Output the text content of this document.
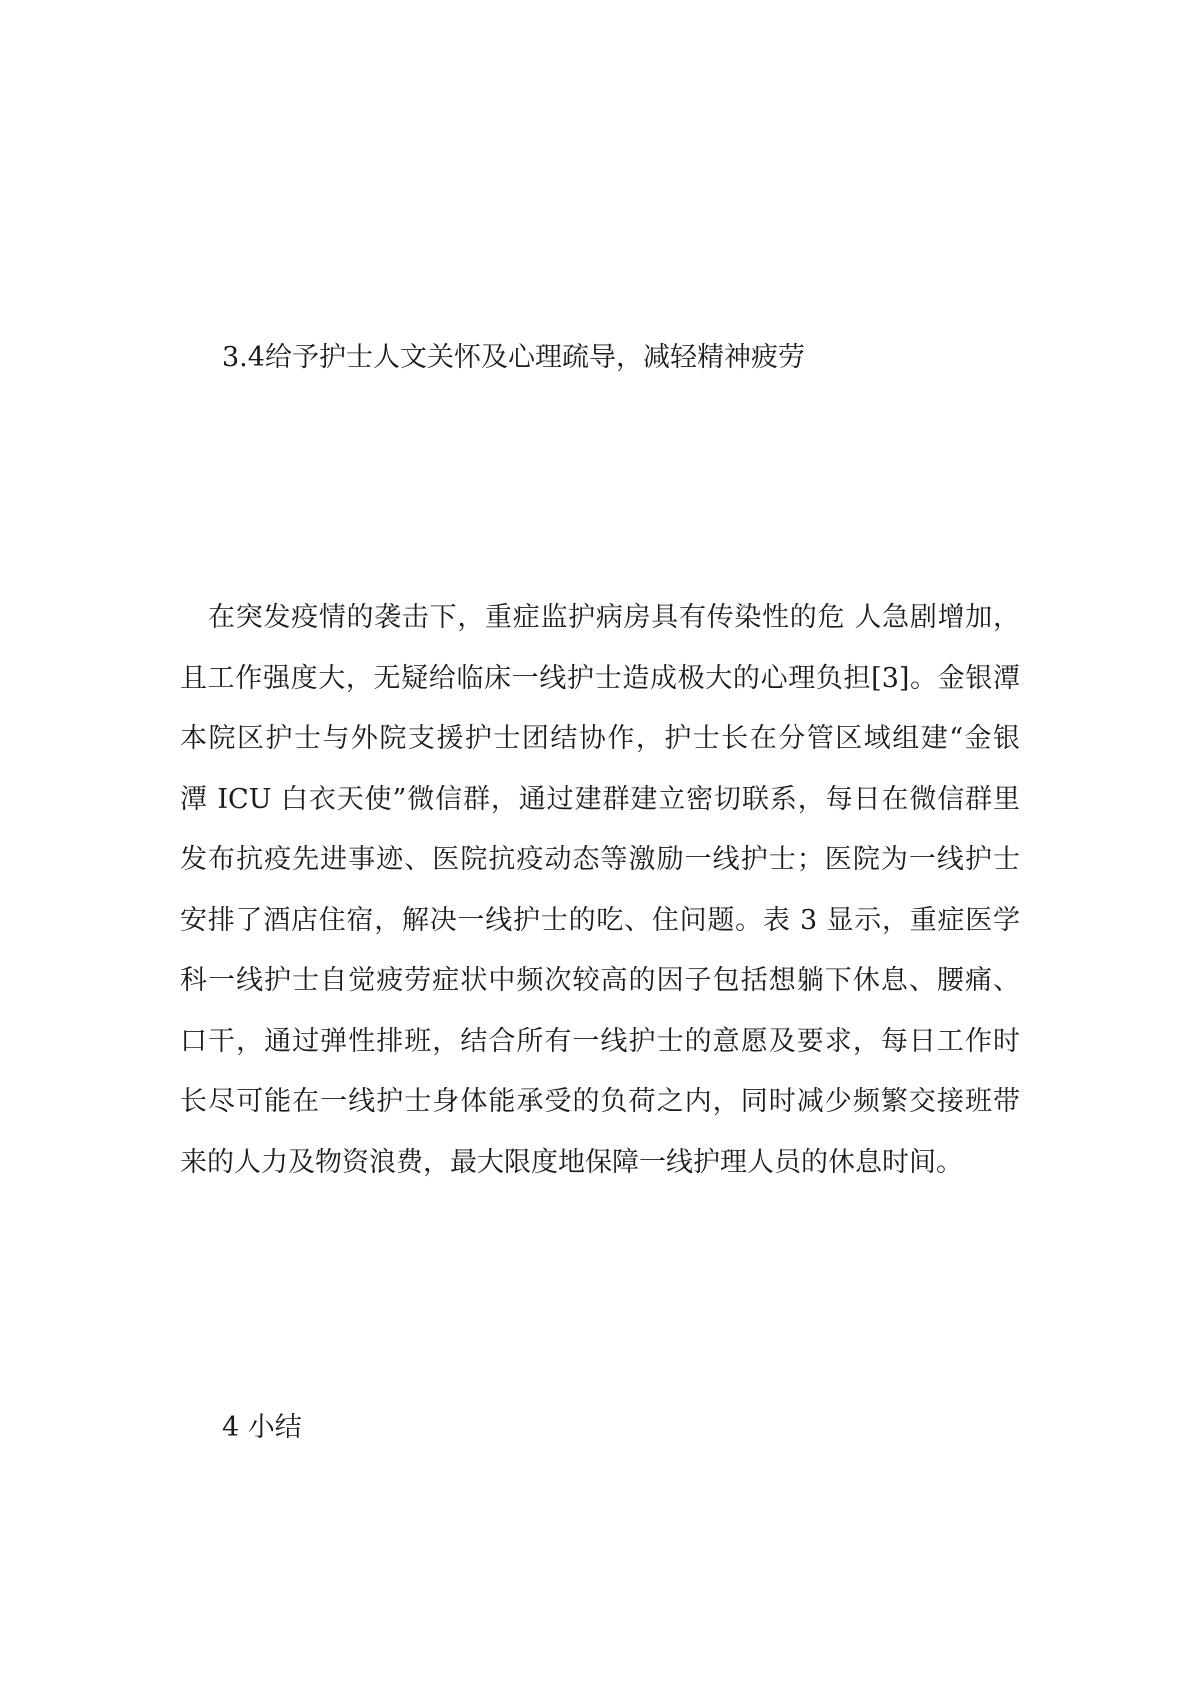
3.4给予护士人文关怀及心理疏导，减轻精神疲劳

在突发疫情的袭击下，重症监护病房具有传染性的危 人急剧增加，

且工作强度大，无疑给临床一线护士造成极大的心理负担[3]。金银潭

本院区护士与外院支援护士团结协作，护士长在分管区域组建“金银

潭 ICU 白衣天使”微信群，通过建群建立密切联系，每日在微信群里

发布抗疫先进事迹、医院抗疫动态等激励一线护士；医院为一线护士

安排了酒店住宿，解决一线护士的吃、住问题。表 3 显示，重症医学

科一线护士自觉疲劳症状中频次较高的因子包括想躺下休息、腰痛、

口干，通过弹性排班，结合所有一线护士的意愿及要求，每日工作时

长尽可能在一线护士身体能承受的负荷之内，同时减少频繁交接班带

来的人力及物资浪费，最大限度地保障一线护理人员的休息时间。

4 小结
